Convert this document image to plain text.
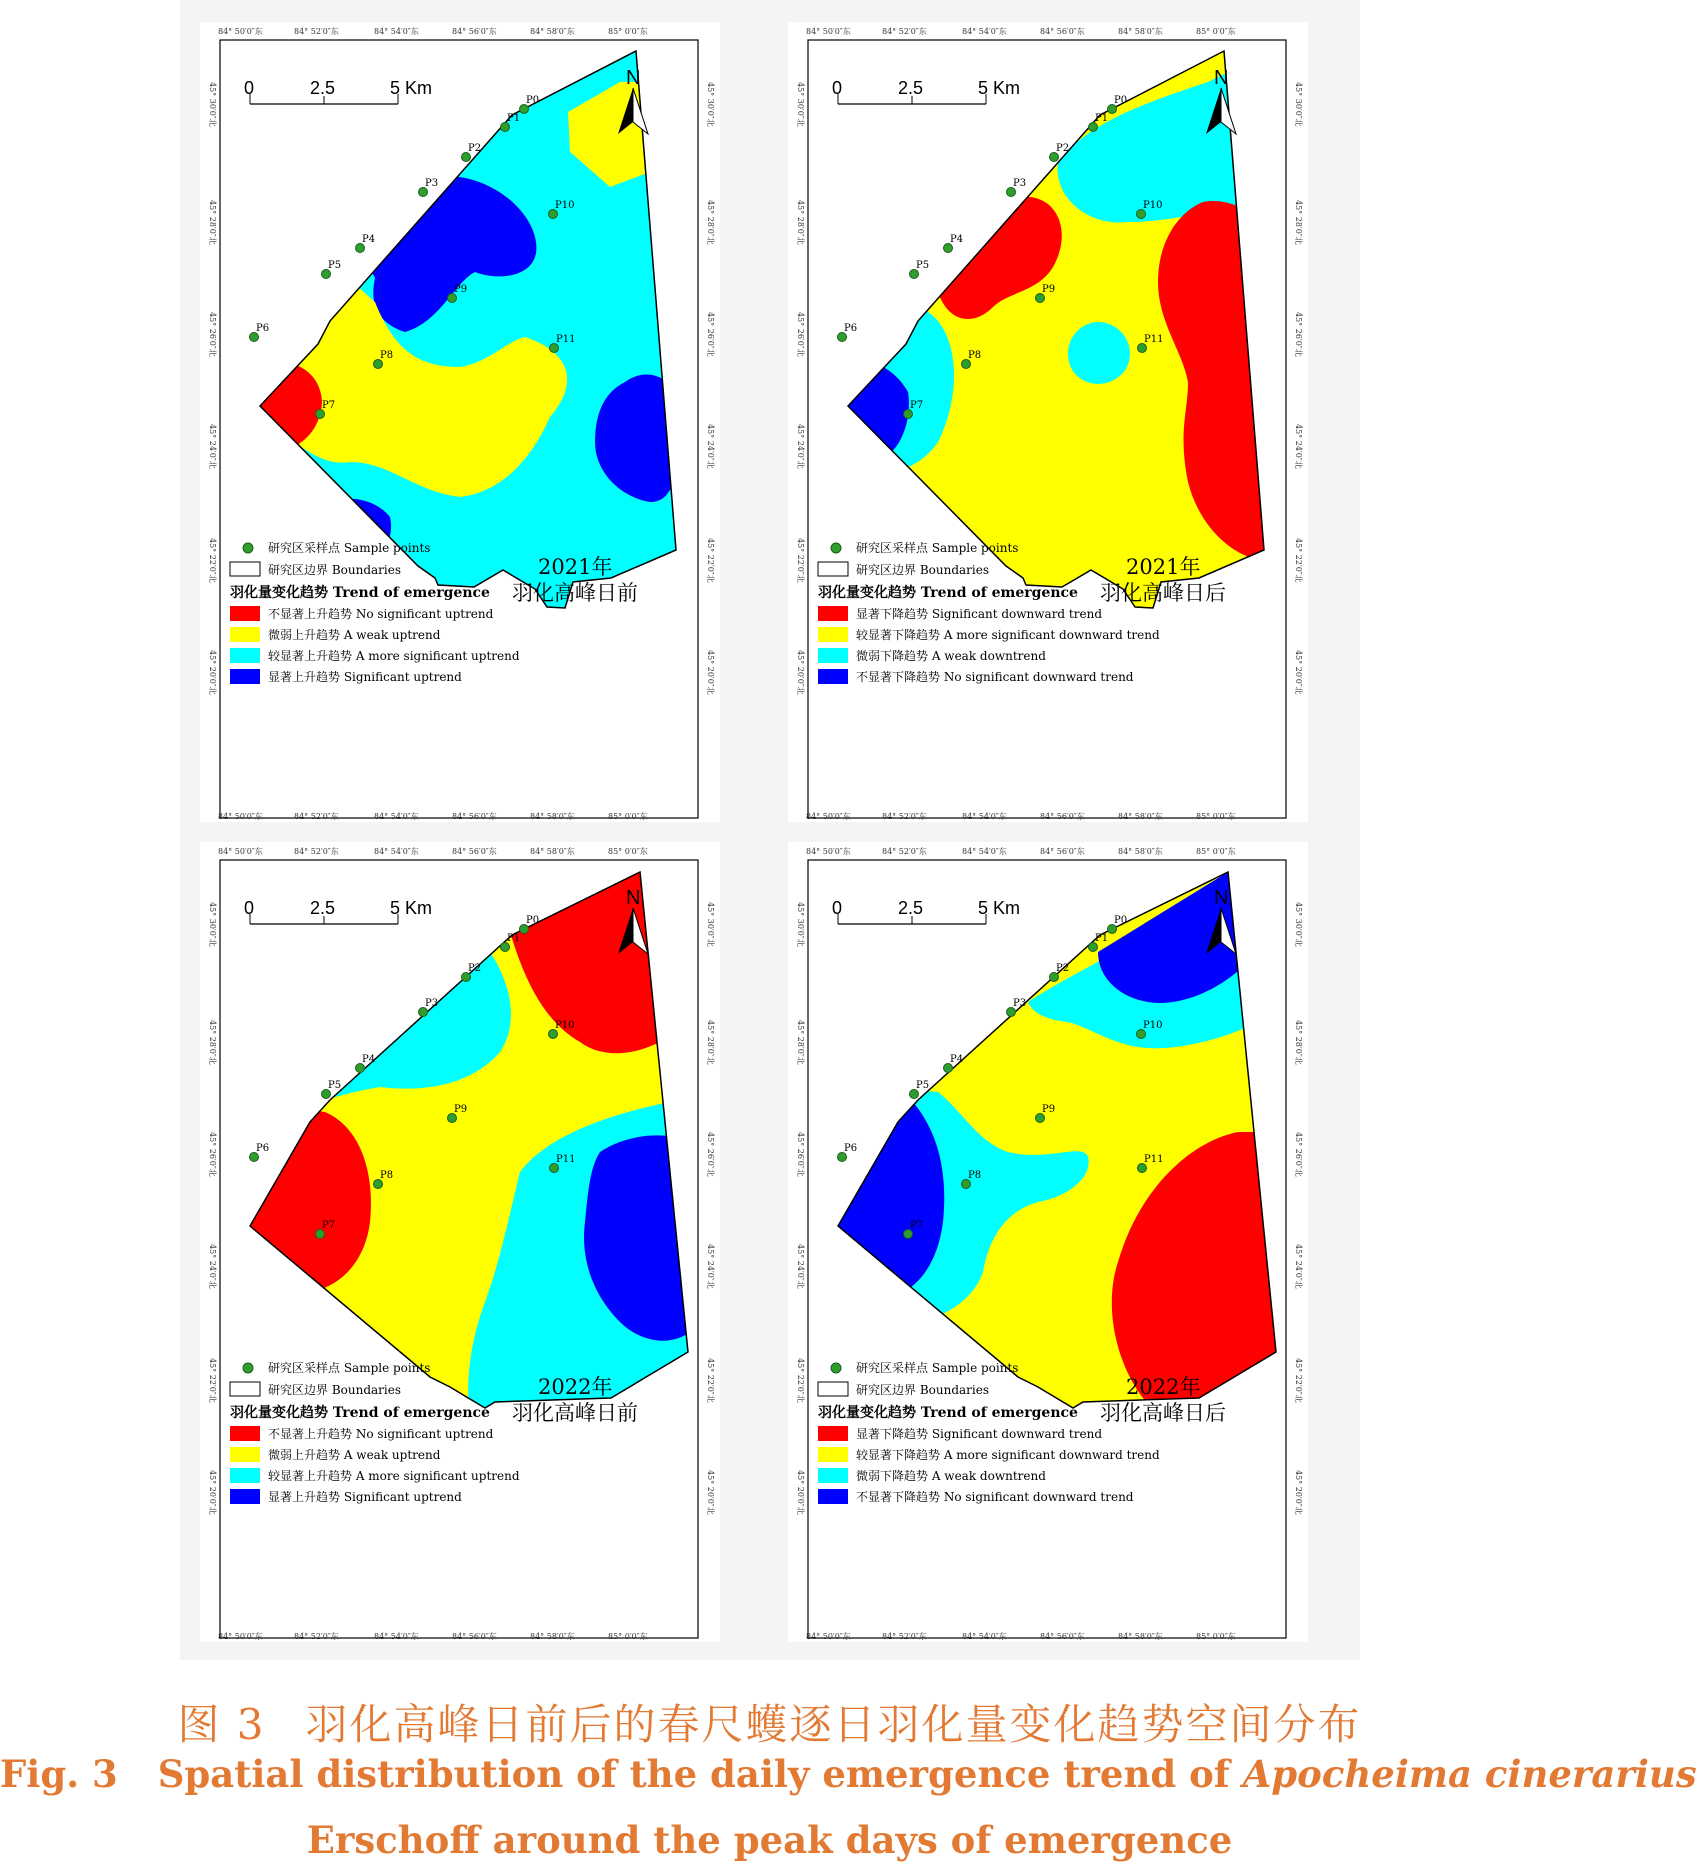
P0
P1
P2
P3
P4
P5
P6
P7
P8
P9
P10
P11
0	2.5	5 Km	N
84° 50′0″东
84° 50′0″东
84° 52′0″东
84° 52′0″东
84° 54′0″东
84° 54′0″东
84° 56′0″东
84° 56′0″东
84° 58′0″东
84° 58′0″东
85° 0′0″东
85° 0′0″东
45° 30′0″北	45° 30′0″北
45° 28′0″北	45° 28′0″北
45° 26′0″北	45° 26′0″北
45° 24′0″北	45° 24′0″北
45° 22′0″北	45° 22′0″北
45° 20′0″北	45° 20′0″北
研究区采样点 Sample points
研究区边界 Boundaries
羽化量变化趋势 Trend of emergence
不显著上升趋势 No significant uptrend
微弱上升趋势 A weak uptrend
较显著上升趋势 A more significant uptrend
显著上升趋势 Significant uptrend
2021年
羽化高峰日前
P0
P1
P2
P3
P4
P5
P6
P7
P8
P9
P10
P11
0	2.5	5 Km	N
84° 50′0″东
84° 50′0″东
84° 52′0″东
84° 52′0″东
84° 54′0″东
84° 54′0″东
84° 56′0″东
84° 56′0″东
84° 58′0″东
84° 58′0″东
85° 0′0″东
85° 0′0″东
45° 30′0″北	45° 30′0″北
45° 28′0″北	45° 28′0″北
45° 26′0″北	45° 26′0″北
45° 24′0″北	45° 24′0″北
45° 22′0″北	45° 22′0″北
45° 20′0″北	45° 20′0″北
研究区采样点 Sample points
研究区边界 Boundaries
羽化量变化趋势 Trend of emergence
显著下降趋势 Significant downward trend
较显著下降趋势 A more significant downward trend
微弱下降趋势 A weak downtrend
不显著下降趋势 No significant downward trend
2021年
羽化高峰日后
P0
P1
P2
P3
P4
P5
P6
P7
P8
P9
P10
P11
0	2.5	5 Km	N
84° 50′0″东
84° 50′0″东
84° 52′0″东
84° 52′0″东
84° 54′0″东
84° 54′0″东
84° 56′0″东
84° 56′0″东
84° 58′0″东
84° 58′0″东
85° 0′0″东
85° 0′0″东
45° 30′0″北	45° 30′0″北
45° 28′0″北	45° 28′0″北
45° 26′0″北	45° 26′0″北
45° 24′0″北	45° 24′0″北
45° 22′0″北	45° 22′0″北
45° 20′0″北	45° 20′0″北
研究区采样点 Sample points
研究区边界 Boundaries
羽化量变化趋势 Trend of emergence
不显著上升趋势 No significant uptrend
微弱上升趋势 A weak uptrend
较显著上升趋势 A more significant uptrend
显著上升趋势 Significant uptrend
2022年
羽化高峰日前
P0
P1
P2
P3
P4
P5
P6
P7
P8
P9
P10
P11
0	2.5	5 Km	N
84° 50′0″东
84° 50′0″东
84° 52′0″东
84° 52′0″东
84° 54′0″东
84° 54′0″东
84° 56′0″东
84° 56′0″东
84° 58′0″东
84° 58′0″东
85° 0′0″东
85° 0′0″东
45° 30′0″北	45° 30′0″北
45° 28′0″北	45° 28′0″北
45° 26′0″北	45° 26′0″北
45° 24′0″北	45° 24′0″北
45° 22′0″北	45° 22′0″北
45° 20′0″北	45° 20′0″北
研究区采样点 Sample points
研究区边界 Boundaries
羽化量变化趋势 Trend of emergence
显著下降趋势 Significant downward trend
较显著下降趋势 A more significant downward trend
微弱下降趋势 A weak downtrend
不显著下降趋势 No significant downward trend
2022年
羽化高峰日后
图 3 羽化高峰日前后的春尺蠖逐日羽化量变化趋势空间分布
Fig. 3 Spatial distribution of the daily emergence trend of Apocheima cinerarius
Erschoff around the peak days of emergence
